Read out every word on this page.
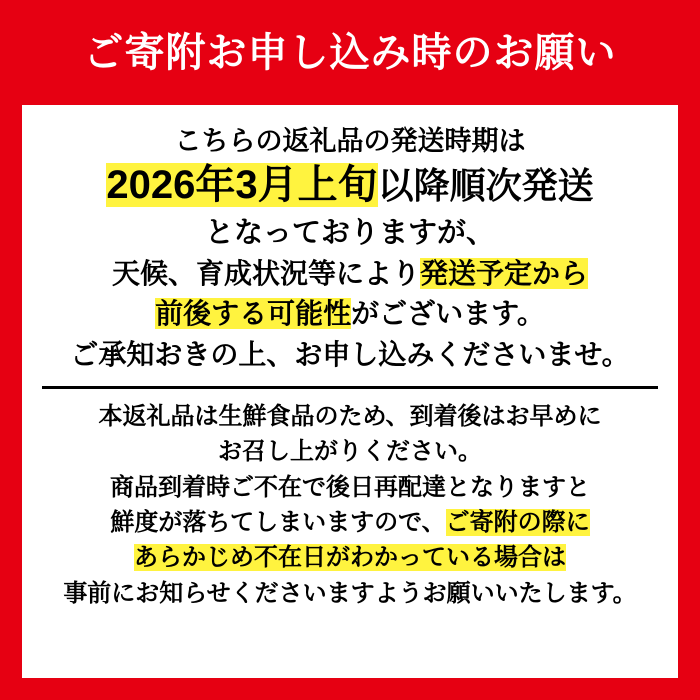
ご寄附お申し込み時のお願い
こちらの返礼品の発送時期は
2026年3月上旬以降順次発送
となっておりますが、
天候、育成状況等により発送予定から
前後する可能性がございます。
ご承知おきの上、お申し込みくださいませ。
本返礼品は生鮮食品のため、到着後はお早めに
お召し上がりください。
商品到着時ご不在で後日再配達となりますと
鮮度が落ちてしまいますので、ご寄附の際に
あらかじめ不在日がわかっている場合は
事前にお知らせくださいますようお願いいたします。
